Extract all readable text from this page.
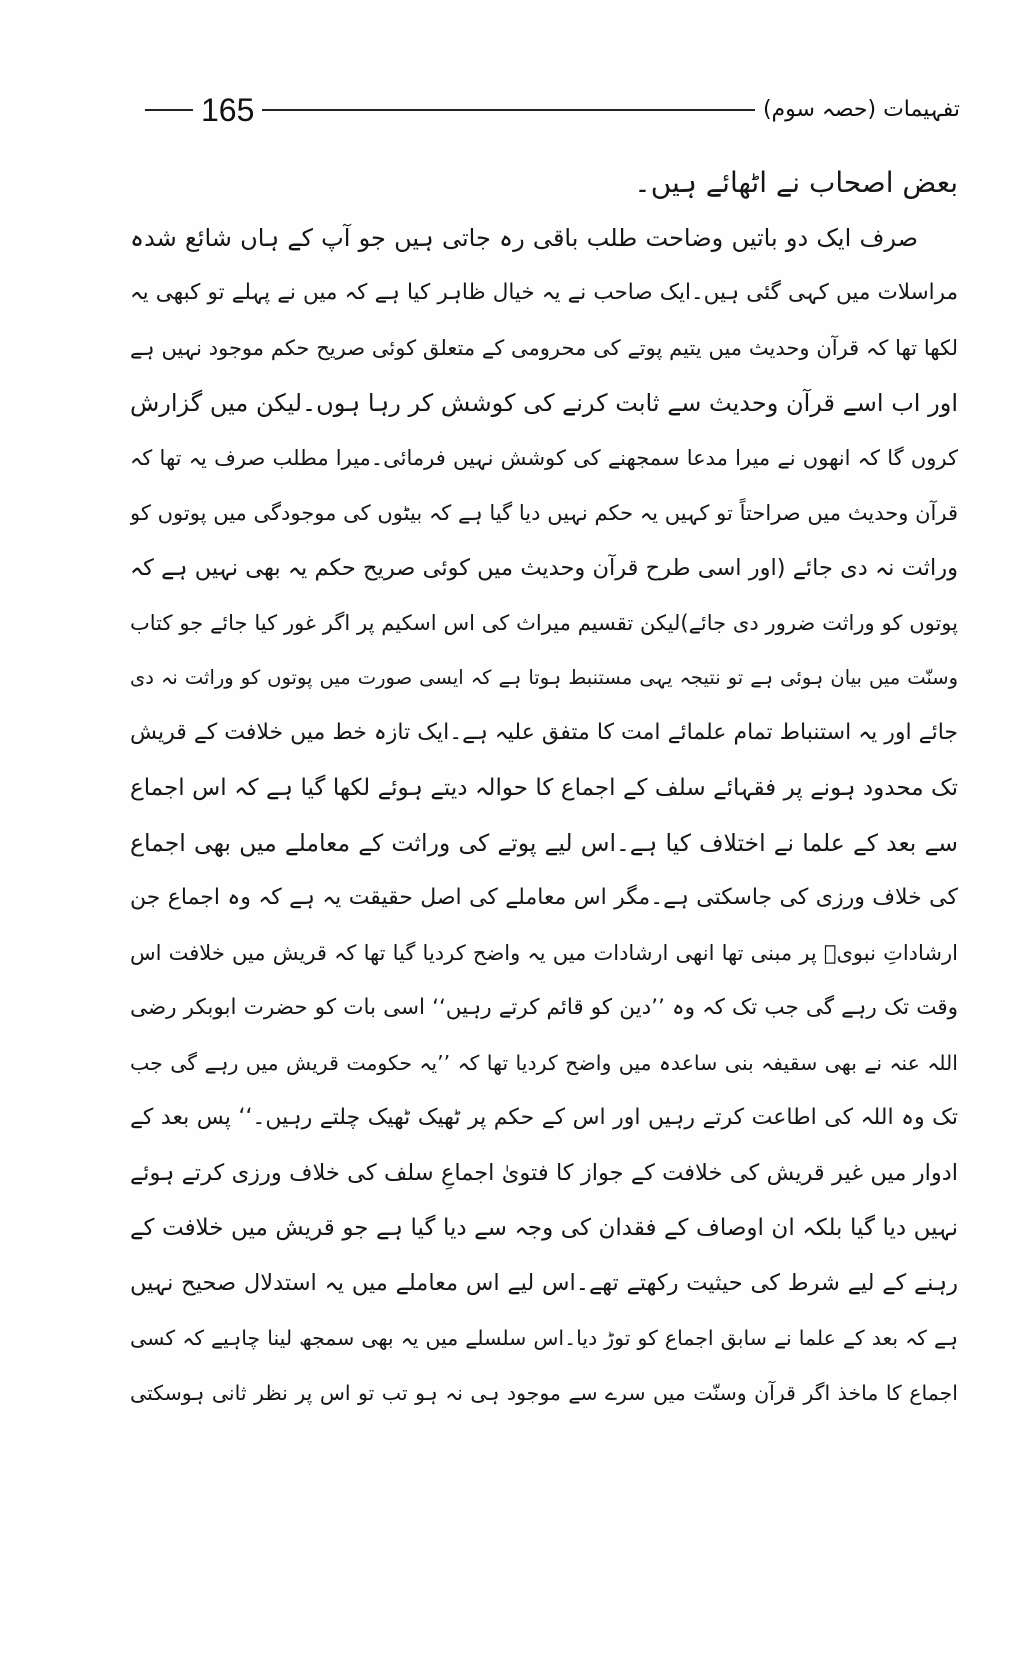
165	تفہیمات (حصہ سوم)
بعض اصحاب نے اٹھائے ہیں۔
صرف ایک دو باتیں وضاحت طلب باقی رہ جاتی ہیں جو آپ کے ہاں شائع شدہ
مراسلات میں کہی گئی ہیں۔ایک صاحب نے یہ خیال ظاہر کیا ہے کہ میں نے پہلے تو کبھی یہ
لکھا تھا کہ قرآن وحدیث میں یتیم پوتے کی محرومی کے متعلق کوئی صریح حکم موجود نہیں ہے
اور اب اسے قرآن وحدیث سے ثابت کرنے کی کوشش کر رہا ہوں۔لیکن میں گزارش
کروں گا کہ انھوں نے میرا مدعا سمجھنے کی کوشش نہیں فرمائی۔میرا مطلب صرف یہ تھا کہ
قرآن وحدیث میں صراحتاً تو کہیں یہ حکم نہیں دیا گیا ہے کہ بیٹوں کی موجودگی میں پوتوں کو
وراثت نہ دی جائے (اور اسی طرح قرآن وحدیث میں کوئی صریح حکم یہ بھی نہیں ہے کہ
پوتوں کو وراثت ضرور دی جائے)لیکن تقسیم میراث کی اس اسکیم پر اگر غور کیا جائے جو کتاب
وسنّت میں بیان ہوئی ہے تو نتیجہ یہی مستنبط ہوتا ہے کہ ایسی صورت میں پوتوں کو وراثت نہ دی
جائے اور یہ استنباط تمام علمائے امت کا متفق علیہ ہے۔ایک تازہ خط میں خلافت کے قریش
تک محدود ہونے پر فقہائے سلف کے اجماع کا حوالہ دیتے ہوئے لکھا گیا ہے کہ اس اجماع
سے بعد کے علما نے اختلاف کیا ہے۔اس لیے پوتے کی وراثت کے معاملے میں بھی اجماع
کی خلاف ورزی کی جاسکتی ہے۔مگر اس معاملے کی اصل حقیقت یہ ہے کہ وہ اجماع جن
ارشاداتِ نبویؐ پر مبنی تھا انھی ارشادات میں یہ واضح کردیا گیا تھا کہ قریش میں خلافت اس
وقت تک رہے گی جب تک کہ وہ ’’دین کو قائم کرتے رہیں‘‘ اسی بات کو حضرت ابوبکر رضی
اللہ عنہ نے بھی سقیفہ بنی ساعدہ میں واضح کردیا تھا کہ ’’یہ حکومت قریش میں رہے گی جب
تک وہ اللہ کی اطاعت کرتے رہیں اور اس کے حکم پر ٹھیک ٹھیک چلتے رہیں۔‘‘ پس بعد کے
ادوار میں غیر قریش کی خلافت کے جواز کا فتویٰ اجماعِ سلف کی خلاف ورزی کرتے ہوئے
نہیں دیا گیا بلکہ ان اوصاف کے فقدان کی وجہ سے دیا گیا ہے جو قریش میں خلافت کے
رہنے کے لیے شرط کی حیثیت رکھتے تھے۔اس لیے اس معاملے میں یہ استدلال صحیح نہیں
ہے کہ بعد کے علما نے سابق اجماع کو توڑ دیا۔اس سلسلے میں یہ بھی سمجھ لینا چاہیے کہ کسی
اجماع کا ماخذ اگر قرآن وسنّت میں سرے سے موجود ہی نہ ہو تب تو اس پر نظر ثانی ہوسکتی
